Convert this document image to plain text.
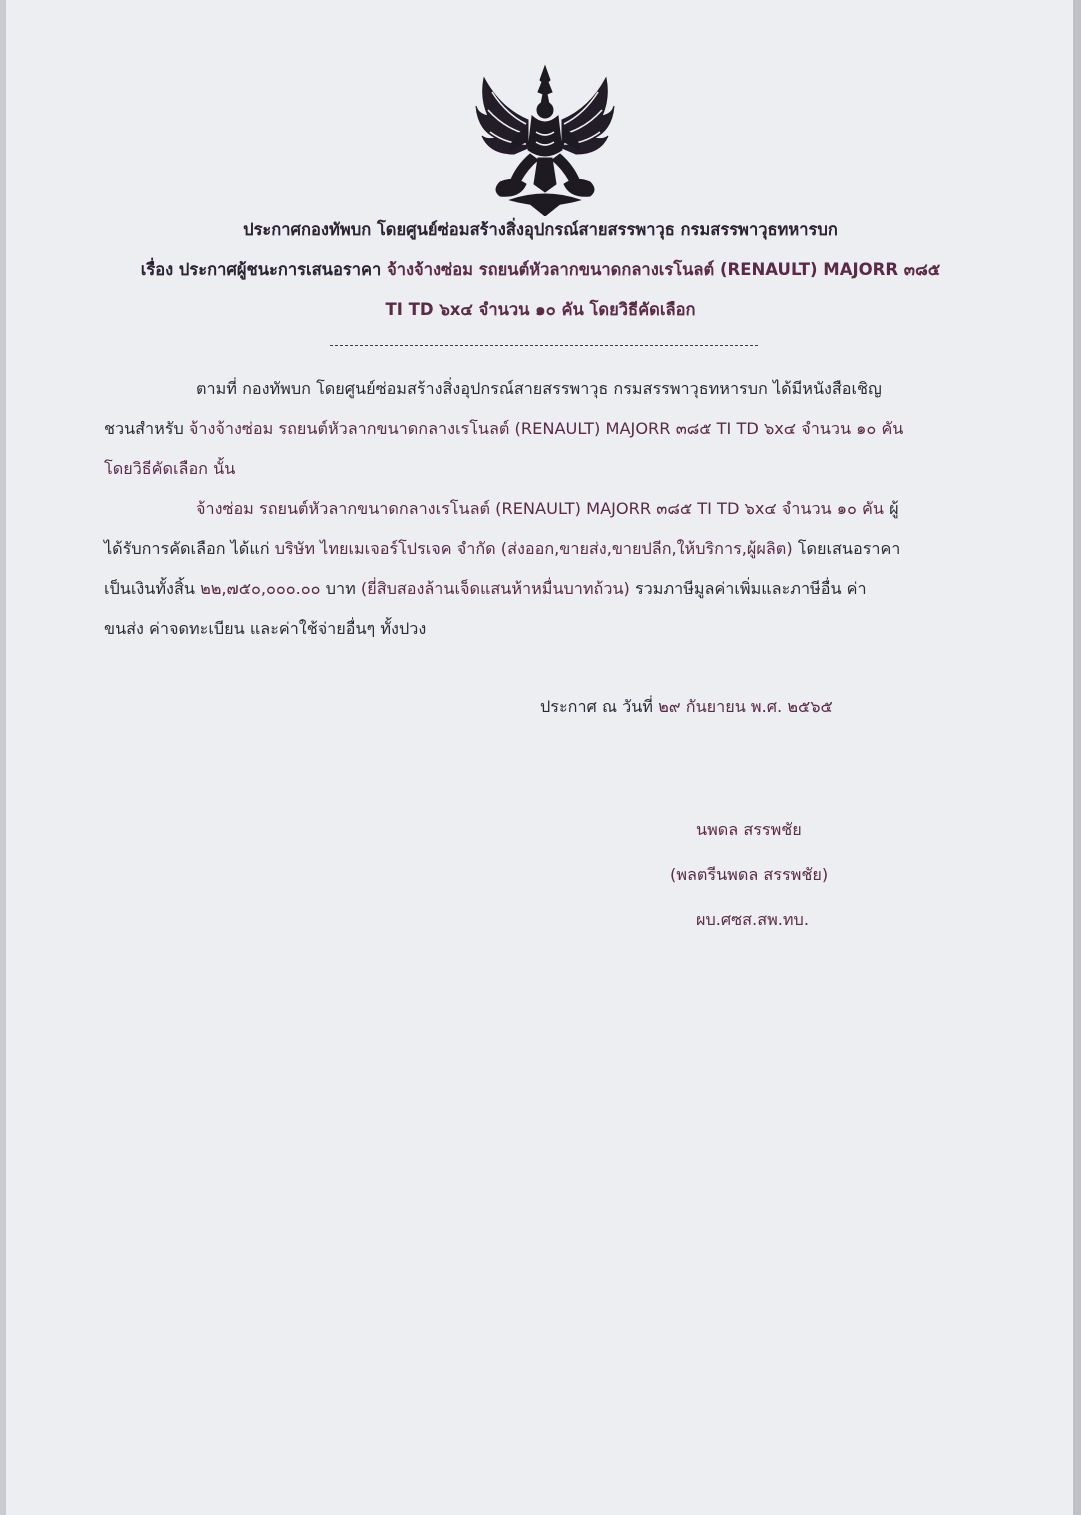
ประกาศกองทัพบก โดยศูนย์ซ่อมสร้างสิ่งอุปกรณ์สายสรรพาวุธ กรมสรรพาวุธทหารบก
เรื่อง ประกาศผู้ชนะการเสนอราคา จ้างจ้างซ่อม รถยนต์หัวลากขนาดกลางเรโนลต์ (RENAULT) MAJORR ๓๘๕
TI TD ๖x๔ จำนวน ๑๐ คัน โดยวิธีคัดเลือก
ตามที่ กองทัพบก โดยศูนย์ซ่อมสร้างสิ่งอุปกรณ์สายสรรพาวุธ กรมสรรพาวุธทหารบก ได้มีหนังสือเชิญ
ชวนสำหรับ จ้างจ้างซ่อม รถยนต์หัวลากขนาดกลางเรโนลต์ (RENAULT) MAJORR ๓๘๕ TI TD ๖x๔ จำนวน ๑๐ คัน
โดยวิธีคัดเลือก นั้น
จ้างซ่อม รถยนต์หัวลากขนาดกลางเรโนลต์ (RENAULT) MAJORR ๓๘๕ TI TD ๖x๔ จำนวน ๑๐ คัน ผู้
ได้รับการคัดเลือก ได้แก่ บริษัท ไทยเมเจอร์โปรเจค จำกัด (ส่งออก,ขายส่ง,ขายปลีก,ให้บริการ,ผู้ผลิต) โดยเสนอราคา
เป็นเงินทั้งสิ้น ๒๒,๗๕๐,๐๐๐.๐๐ บาท (ยี่สิบสองล้านเจ็ดแสนห้าหมื่นบาทถ้วน) รวมภาษีมูลค่าเพิ่มและภาษีอื่น ค่า
ขนส่ง ค่าจดทะเบียน และค่าใช้จ่ายอื่นๆ ทั้งปวง
ประกาศ ณ วันที่ ๒๙ กันยายน พ.ศ. ๒๕๖๕
นพดล สรรพชัย
(พลตรีนพดล สรรพชัย)
ผบ.ศซส.สพ.ทบ.
